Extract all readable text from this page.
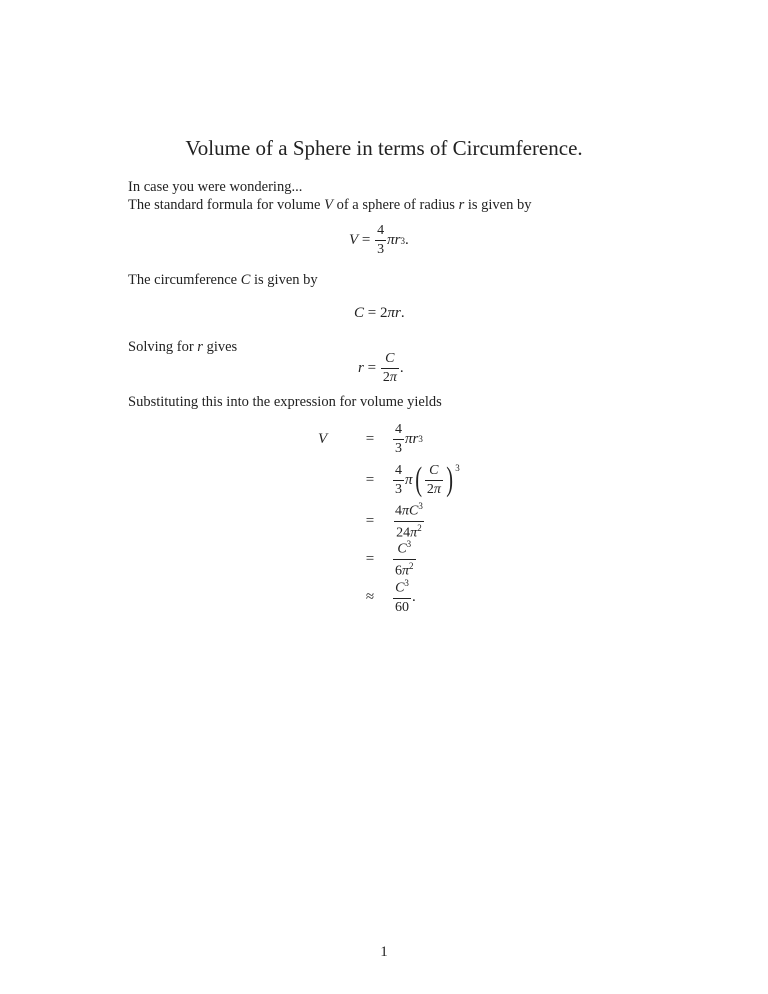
Volume of a Sphere in terms of Circumference.
In case you were wondering...
The standard formula for volume V of a sphere of radius r is given by
$V = \frac{4}{3}$ πr 3 .
The circumference C is given by
C = 2 πr .
Solving for r gives
$r = \frac{C}{2\pi}$ .
Substituting this into the expression for volume yields
V	=	$\frac{4}{3}$ πr 3
=	$\frac{4}{3}$ π ( $\frac{C}{2\pi}$ ) $^3$
=	$\frac{4\pi C^3}{24\pi^2}$
=	$\frac{C^3}{6\pi^2}$
≈	$\frac{C^3}{60}$ .
1
